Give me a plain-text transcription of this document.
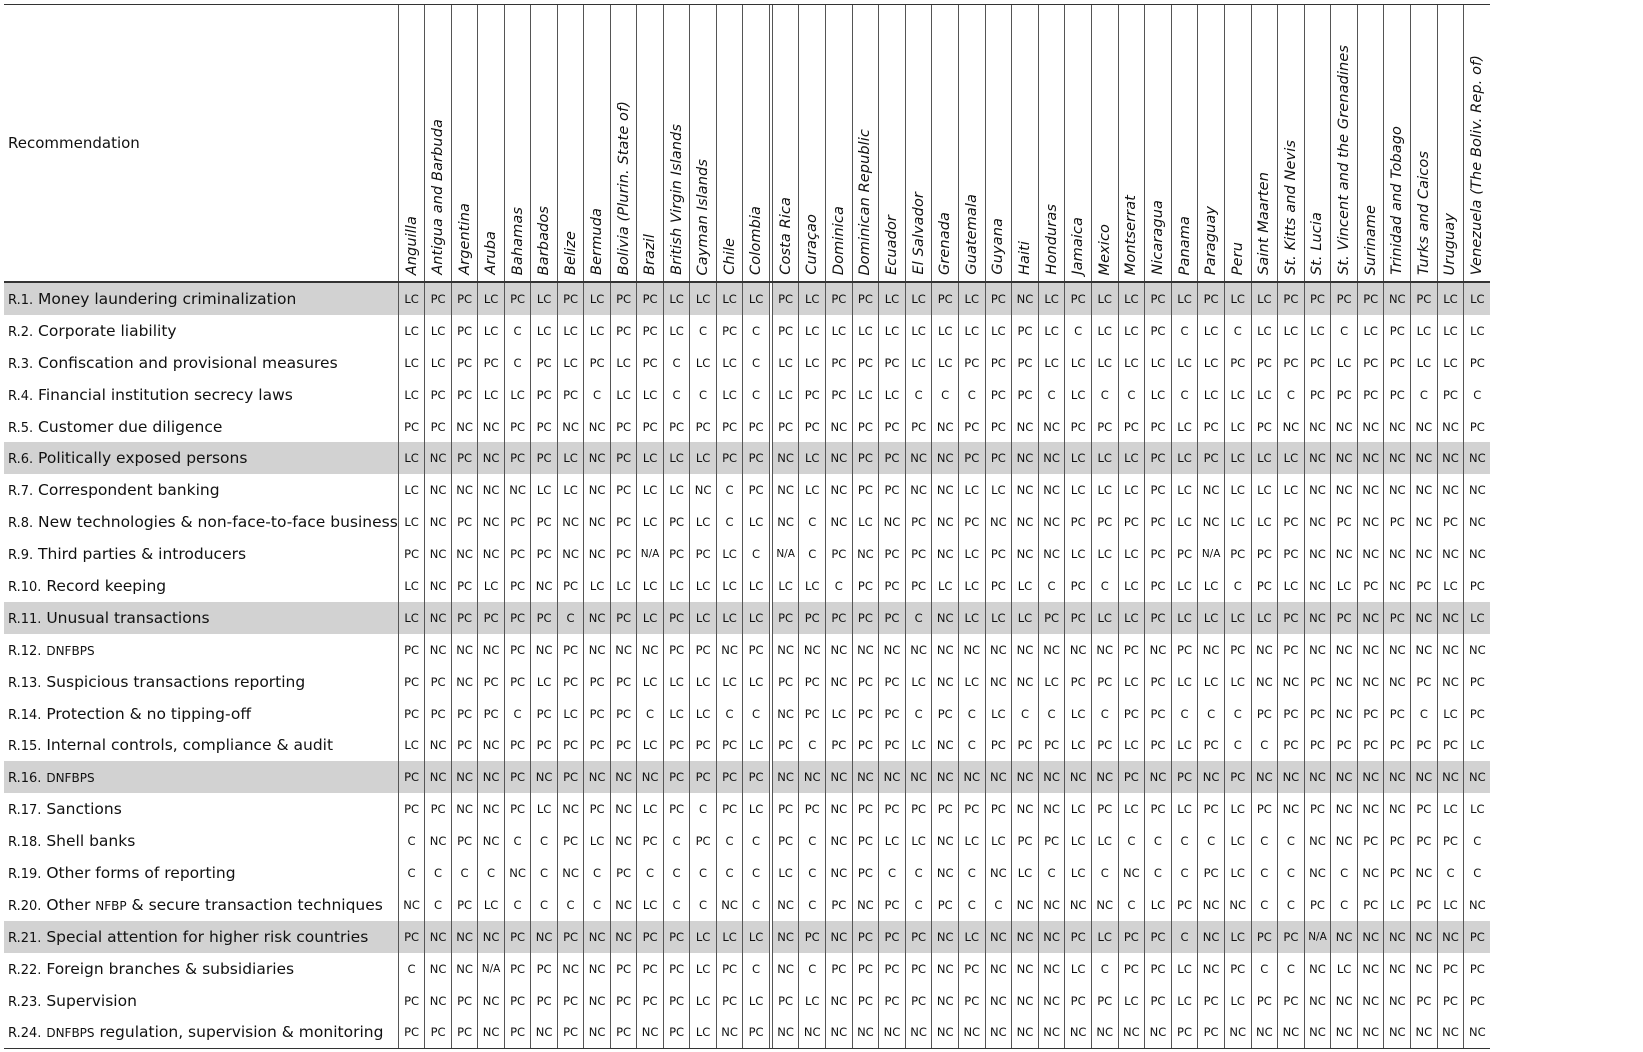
Recommendation	Anguilla	Antigua and Barbuda	Argentina	Aruba	Bahamas	Barbados	Belize	Bermuda	Bolivia (Plurin. State of)	Brazil	British Virgin Islands	Cayman Islands	Chile	Colombia		Costa Rica	Curaçao	Dominica	Dominican Republic	Ecuador	El Salvador	Grenada	Guatemala	Guyana	Haiti	Honduras	Jamaica	Mexico	Montserrat	Nicaragua	Panama	Paraguay	Peru	Saint Maarten	St. Kitts and Nevis	St. Lucia	St. Vincent and the Grenadines	Suriname	Trinidad and Tobago	Turks and Caicos	Uruguay	Venezuela (The Boliv. Rep. of)

R.1. Money laundering criminalization	LC	PC	PC	LC	PC	LC	PC	LC	PC	PC	LC	LC	LC	LC		PC	LC	PC	PC	LC	LC	PC	LC	PC	NC	LC	PC	LC	LC	PC	LC	PC	LC	LC	PC	PC	PC	PC	NC	PC	LC	LC
R.2. Corporate liability	LC	LC	PC	LC	C	LC	LC	LC	PC	PC	LC	C	PC	C		PC	LC	LC	LC	LC	LC	LC	LC	LC	PC	LC	C	LC	LC	PC	C	LC	C	LC	LC	LC	C	LC	PC	LC	LC	LC
R.3. Confiscation and provisional measures	LC	LC	PC	PC	C	PC	LC	PC	LC	PC	C	LC	LC	C		LC	LC	PC	PC	PC	LC	LC	PC	PC	PC	LC	LC	LC	LC	LC	LC	LC	PC	PC	PC	PC	LC	PC	PC	LC	LC	PC
R.4. Financial institution secrecy laws	LC	PC	PC	LC	LC	PC	PC	C	LC	LC	C	C	LC	C		LC	PC	PC	LC	LC	C	C	C	PC	PC	C	LC	C	C	LC	C	LC	LC	LC	C	PC	PC	PC	PC	C	PC	C
R.5. Customer due diligence	PC	PC	NC	NC	PC	PC	NC	NC	PC	PC	PC	PC	PC	PC		PC	PC	NC	PC	PC	PC	NC	PC	PC	NC	NC	PC	PC	PC	PC	LC	PC	LC	PC	NC	NC	NC	NC	NC	NC	NC	PC
R.6. Politically exposed persons	LC	NC	PC	NC	PC	PC	LC	NC	PC	LC	LC	LC	PC	PC		NC	LC	NC	PC	PC	NC	NC	PC	PC	NC	NC	LC	LC	LC	PC	LC	PC	LC	LC	LC	NC	NC	NC	NC	NC	NC	NC
R.7. Correspondent banking	LC	NC	NC	NC	NC	LC	LC	NC	PC	LC	LC	NC	C	PC		NC	LC	NC	PC	PC	NC	NC	LC	LC	NC	NC	LC	LC	LC	PC	LC	NC	LC	LC	LC	NC	NC	NC	NC	NC	NC	NC
R.8. New technologies & non-face-to-face business	LC	NC	PC	NC	PC	PC	NC	NC	PC	LC	PC	LC	C	LC		NC	C	NC	LC	NC	PC	NC	PC	NC	NC	NC	PC	PC	PC	PC	LC	NC	LC	LC	PC	NC	PC	NC	PC	NC	PC	NC
R.9. Third parties & introducers	PC	NC	NC	NC	PC	PC	NC	NC	PC	N/A	PC	PC	LC	C		N/A	C	PC	NC	PC	PC	NC	LC	PC	NC	NC	LC	LC	LC	PC	PC	N/A	PC	PC	PC	NC	NC	NC	NC	NC	NC	NC
R.10. Record keeping	LC	NC	PC	LC	PC	NC	PC	LC	LC	LC	LC	LC	LC	LC		LC	LC	C	PC	PC	PC	LC	LC	PC	LC	C	PC	C	LC	PC	LC	LC	C	PC	LC	NC	LC	PC	NC	PC	LC	PC
R.11. Unusual transactions	LC	NC	PC	PC	PC	PC	C	NC	PC	LC	PC	LC	LC	LC		PC	PC	PC	PC	PC	C	NC	LC	LC	LC	PC	PC	LC	LC	PC	LC	LC	LC	LC	PC	NC	PC	NC	PC	NC	NC	LC
R.12. DNFBPS	PC	NC	NC	NC	PC	NC	PC	NC	NC	NC	PC	PC	NC	PC		NC	NC	NC	NC	NC	NC	NC	NC	NC	NC	NC	NC	NC	PC	NC	PC	NC	PC	NC	PC	NC	NC	NC	NC	NC	NC	NC
R.13. Suspicious transactions reporting	PC	PC	NC	PC	PC	LC	PC	PC	PC	LC	LC	LC	LC	LC		PC	PC	NC	PC	PC	LC	NC	LC	NC	NC	LC	PC	PC	LC	PC	LC	LC	LC	NC	NC	PC	NC	NC	NC	PC	NC	PC
R.14. Protection & no tipping-off	PC	PC	PC	PC	C	PC	LC	PC	PC	C	LC	LC	C	C		NC	PC	LC	PC	PC	C	PC	C	LC	C	C	LC	C	PC	PC	C	C	C	PC	PC	PC	NC	PC	PC	C	LC	PC
R.15. Internal controls, compliance & audit	LC	NC	PC	NC	PC	PC	PC	PC	PC	LC	PC	PC	PC	LC		PC	C	PC	PC	PC	LC	NC	C	PC	PC	PC	LC	PC	LC	PC	LC	PC	C	C	PC	PC	PC	PC	PC	PC	PC	LC
R.16. DNFBPS	PC	NC	NC	NC	PC	NC	PC	NC	NC	NC	PC	PC	PC	PC		NC	NC	NC	NC	NC	NC	NC	NC	NC	NC	NC	NC	NC	PC	NC	PC	NC	PC	NC	NC	NC	NC	NC	NC	NC	NC	NC
R.17. Sanctions	PC	PC	NC	NC	PC	LC	NC	PC	NC	LC	PC	C	PC	LC		PC	PC	NC	PC	PC	PC	PC	PC	PC	NC	NC	LC	PC	LC	PC	LC	PC	LC	PC	NC	PC	NC	NC	NC	PC	LC	LC
R.18. Shell banks	C	NC	PC	NC	C	C	PC	LC	NC	PC	C	PC	C	C		PC	C	NC	PC	LC	LC	NC	LC	LC	PC	PC	LC	LC	C	C	C	C	LC	C	C	NC	NC	PC	PC	PC	PC	C
R.19. Other forms of reporting	C	C	C	C	NC	C	NC	C	PC	C	C	C	C	C		LC	C	NC	PC	C	C	NC	C	NC	LC	C	LC	C	NC	C	C	PC	LC	C	C	NC	C	NC	PC	NC	C	C
R.20. Other NFBP & secure transaction techniques	NC	C	PC	LC	C	C	C	C	NC	LC	C	C	NC	C		NC	C	PC	NC	PC	C	PC	C	C	NC	NC	NC	NC	C	LC	PC	NC	NC	C	C	PC	C	PC	LC	PC	LC	NC
R.21. Special attention for higher risk countries	PC	NC	NC	NC	PC	NC	PC	NC	NC	PC	PC	LC	LC	LC		NC	PC	NC	PC	PC	PC	NC	LC	NC	NC	NC	PC	LC	PC	PC	C	NC	LC	PC	PC	N/A	NC	NC	NC	NC	NC	PC
R.22. Foreign branches & subsidiaries	C	NC	NC	N/A	PC	PC	NC	NC	PC	PC	PC	LC	PC	C		NC	C	PC	PC	PC	PC	NC	PC	NC	NC	NC	LC	C	PC	PC	LC	NC	PC	C	C	NC	LC	NC	NC	NC	PC	PC
R.23. Supervision	PC	NC	PC	NC	PC	PC	PC	NC	PC	PC	PC	LC	PC	LC		PC	LC	NC	PC	PC	PC	NC	PC	NC	NC	NC	PC	PC	LC	PC	LC	PC	LC	PC	PC	NC	NC	NC	NC	PC	PC	PC
R.24. DNFBPS regulation, supervision & monitoring	PC	PC	PC	NC	PC	NC	PC	NC	PC	NC	PC	LC	NC	PC		NC	NC	NC	NC	NC	NC	NC	NC	NC	NC	NC	NC	NC	NC	NC	PC	PC	NC	NC	NC	NC	NC	NC	NC	NC	NC	NC
